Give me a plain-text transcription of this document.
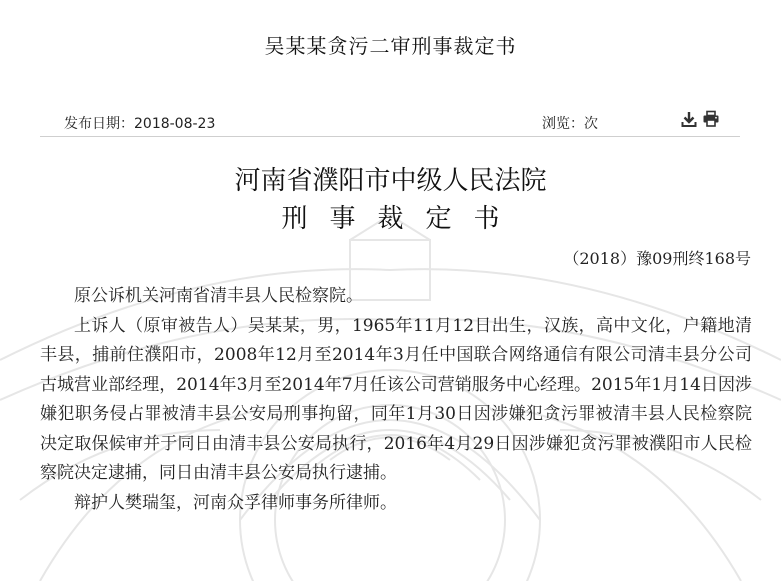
吴某某贪污二审刑事裁定书
发布日期：2018-08-23	浏览：次
河南省濮阳市中级人民法院
刑事裁定书
（2018）豫09刑终168号

原公诉机关河南省清丰县人民检察院。

上诉人（原审被告人）吴某某，男，1965年11月12日出生，汉族，高中文化，户籍地清丰县，捕前住濮阳市，2008年12月至2014年3月任中国联合网络通信有限公司清丰县分公司古城营业部经理，2014年3月至2014年7月任该公司营销服务中心经理。2015年1月14日因涉嫌犯职务侵占罪被清丰县公安局刑事拘留，同年1月30日因涉嫌犯贪污罪被清丰县人民检察院决定取保候审并于同日由清丰县公安局执行，2016年4月29日因涉嫌犯贪污罪被濮阳市人民检察院决定逮捕，同日由清丰县公安局执行逮捕。

辩护人樊瑞玺，河南众孚律师事务所律师。
